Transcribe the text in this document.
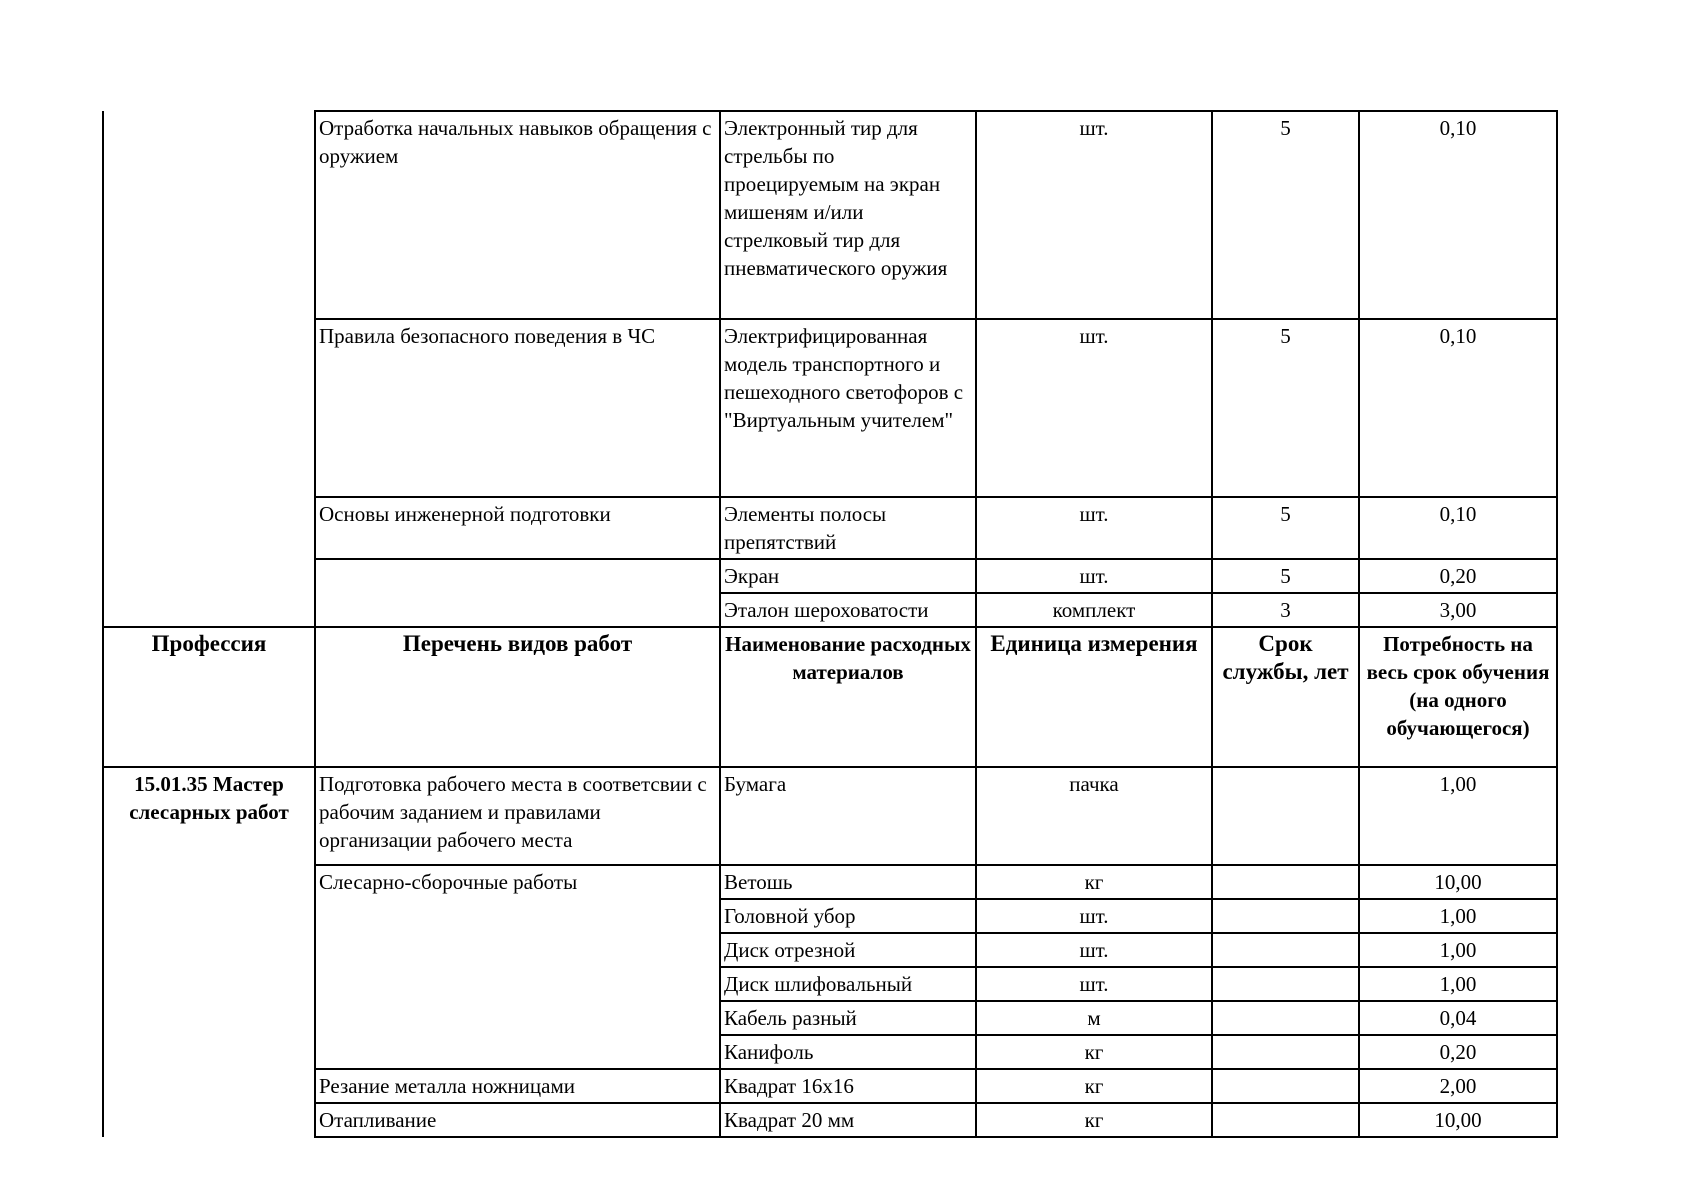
	Отработка начальных навыков обращения с оружием	Электронный тир для стрельбы по проецируемым на экран мишеням и/или стрелковый тир для пневматического оружия	шт.	5	0,10
	Правила безопасного поведения в ЧС	Электрифицированная модель транспортного и пешеходного светофоров с "Виртуальным учителем"	шт.	5	0,10
	Основы инженерной подготовки	Элементы полосы препятствий	шт.	5	0,10
		Экран	шт.	5	0,20
		Эталон шероховатости	комплект	3	3,00
Профессия	Перечень видов работ	Наименование расходных материалов	Единица измерения	Срок службы, лет	Потребность на весь срок обучения (на одного обучающегося)
15.01.35 Мастер слесарных работ	Подготовка рабочего места в соответсвии с рабочим заданием и правилами организации рабочего места	Бумага	пачка		1,00
	Слесарно-сборочные работы	Ветошь	кг		10,00
		Головной убор	шт.		1,00
		Диск отрезной	шт.		1,00
		Диск шлифовальный	шт.		1,00
		Кабель разный	м		0,04
		Канифоль	кг		0,20
	Резание металла ножницами	Квадрат 16х16	кг		2,00
	Отапливание	Квадрат 20 мм	кг		10,00
